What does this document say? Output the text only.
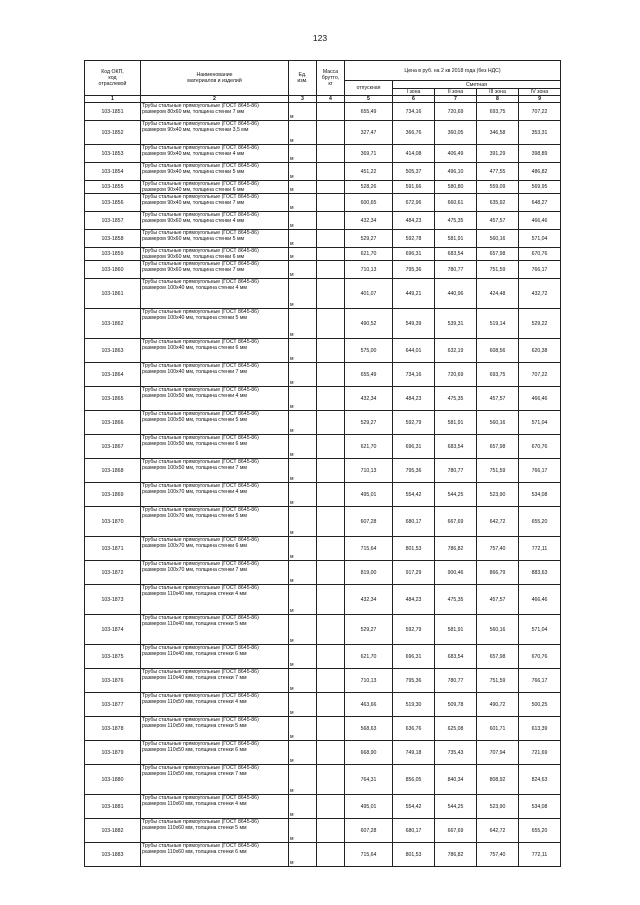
123
Код ОКП,
код
отраслевой	Наименование
материалов и изделий	Ед.
изм.	Масса
брутто,
кг	Цена в руб. на 2 кв 2018 года (без НДС)				
				отпускная	Сметная			
					I зона	II зона	III зона	IV зона
1	2	3	4	5	6	7	8	9
103-1851	Трубы стальные прямоугольные (ГОСТ 8645-86)
размером 80х60 мм, толщина стенки 7 мм	м		655,49	734,16	720,69	693,75	707,22
103-1852	Трубы стальные прямоугольные (ГОСТ 8645-86)
размером 90х40 мм, толщина стенки 3,5 мм	м		327,47	366,76	360,05	346,58	353,31
103-1853	Трубы стальные прямоугольные (ГОСТ 8645-86)
размером 90х40 мм, толщина стенки 4 мм	м		369,71	414,08	406,49	391,29	398,89
103-1854	Трубы стальные прямоугольные (ГОСТ 8645-86)
размером 90х40 мм, толщина стенки 5 мм	м		451,22	505,37	496,10	477,55	486,82
103-1855	Трубы стальные прямоугольные (ГОСТ 8645-86)
размером 90х40 мм, толщина стенки 6 мм	м		528,26	591,66	580,80	559,09	569,95
103-1856	Трубы стальные прямоугольные (ГОСТ 8645-86)
размером 90х40 мм, толщина стенки 7 мм	м		600,65	672,96	660,61	635,92	648,27
103-1857	Трубы стальные прямоугольные (ГОСТ 8645-86)
размером 90х60 мм, толщина стенки 4 мм	м		432,34	484,23	475,35	457,57	466,46
103-1858	Трубы стальные прямоугольные (ГОСТ 8645-86)
размером 90х60 мм, толщина стенки 5 мм	м		529,27	592,78	581,91	560,16	571,04
103-1859	Трубы стальные прямоугольные (ГОСТ 8645-86)
размером 90х60 мм, толщина стенки 6 мм	м		621,70	696,31	683,54	657,98	670,76
103-1860	Трубы стальные прямоугольные (ГОСТ 8645-86)
размером 90х60 мм, толщина стенки 7 мм	м		710,13	795,36	780,77	751,59	766,17
103-1861	Трубы стальные прямоугольные (ГОСТ 8645-86)
размером 100х40 мм, толщина стенки 4 мм	м		401,07	449,21	440,96	424,48	432,72
103-1862	Трубы стальные прямоугольные (ГОСТ 8645-86)
размером 100х40 мм, толщина стенки 5 мм	м		490,52	549,39	539,31	519,14	529,22
103-1863	Трубы стальные прямоугольные (ГОСТ 8645-86)
размером 100х40 мм, толщина стенки 6 мм	м		575,00	644,01	632,19	608,56	620,38
103-1864	Трубы стальные прямоугольные (ГОСТ 8645-86)
размером 100х40 мм, толщина стенки 7 мм	м		655,49	734,16	720,69	693,75	707,22
103-1865	Трубы стальные прямоугольные (ГОСТ 8645-86)
размером 100х50 мм, толщина стенки 4 мм	м		432,34	484,23	475,35	457,57	466,46
103-1866	Трубы стальные прямоугольные (ГОСТ 8645-86)
размером 100х50 мм, толщина стенки 5 мм	м		529,27	592,79	581,91	560,16	571,04
103-1867	Трубы стальные прямоугольные (ГОСТ 8645-86)
размером 100х50 мм, толщина стенки 6 мм	м		621,70	696,31	683,54	657,98	670,76
103-1868	Трубы стальные прямоугольные (ГОСТ 8645-86)
размером 100х50 мм, толщина стенки 7 мм	м		710,13	795,36	780,77	751,59	766,17
103-1869	Трубы стальные прямоугольные (ГОСТ 8645-86)
размером 100х70 мм, толщина стенки 4 мм	м		495,01	554,42	544,25	523,90	534,08
103-1870	Трубы стальные прямоугольные (ГОСТ 8645-86)
размером 100х70 мм, толщина стенки 5 мм	м		607,28	680,17	667,69	642,72	655,20
103-1871	Трубы стальные прямоугольные (ГОСТ 8645-86)
размером 100х70 мм, толщина стенки 6 мм	м		715,64	801,53	786,82	757,40	772,11
103-1872	Трубы стальные прямоугольные (ГОСТ 8645-86)
размером 100х70 мм, толщина стенки 7 мм	м		819,00	917,29	900,46	866,79	883,63
103-1873	Трубы стальные прямоугольные (ГОСТ 8645-86)
размером 110х40 мм, толщина стенки 4 мм	м		432,34	484,23	475,35	457,57	466,46
103-1874	Трубы стальные прямоугольные (ГОСТ 8645-86)
размером 110х40 мм, толщина стенки 5 мм	м		529,27	592,79	581,91	560,16	571,04
103-1875	Трубы стальные прямоугольные (ГОСТ 8645-86)
размером 110х40 мм, толщина стенки 6 мм	м		621,70	696,31	683,54	657,98	670,76
103-1876	Трубы стальные прямоугольные (ГОСТ 8645-86)
размером 110х40 мм, толщина стенки 7 мм	м		710,13	795,36	780,77	751,59	766,17
103-1877	Трубы стальные прямоугольные (ГОСТ 8645-86)
размером 110х50 мм, толщина стенки 4 мм	м		463,66	519,30	509,78	490,72	500,25
103-1878	Трубы стальные прямоугольные (ГОСТ 8645-86)
размером 110х50 мм, толщина стенки 5 мм	м		568,63	636,76	625,08	601,71	613,39
103-1879	Трубы стальные прямоугольные (ГОСТ 8645-86)
размером 110х50 мм, толщина стенки 6 мм	м		668,90	749,18	735,43	707,94	721,69
103-1880	Трубы стальные прямоугольные (ГОСТ 8645-86)
размером 110х50 мм, толщина стенки 7 мм	м		764,31	856,05	840,34	808,92	824,63
103-1881	Трубы стальные прямоугольные (ГОСТ 8645-86)
размером 110х60 мм, толщина стенки 4 мм	м		495,01	554,42	544,25	523,90	534,08
103-1882	Трубы стальные прямоугольные (ГОСТ 8645-86)
размером 110х60 мм, толщина стенки 5 мм	м		607,28	680,17	667,69	642,72	655,20
103-1883	Трубы стальные прямоугольные (ГОСТ 8645-86)
размером 110х60 мм, толщина стенки 6 мм	м		715,64	801,53	786,82	757,40	772,11
